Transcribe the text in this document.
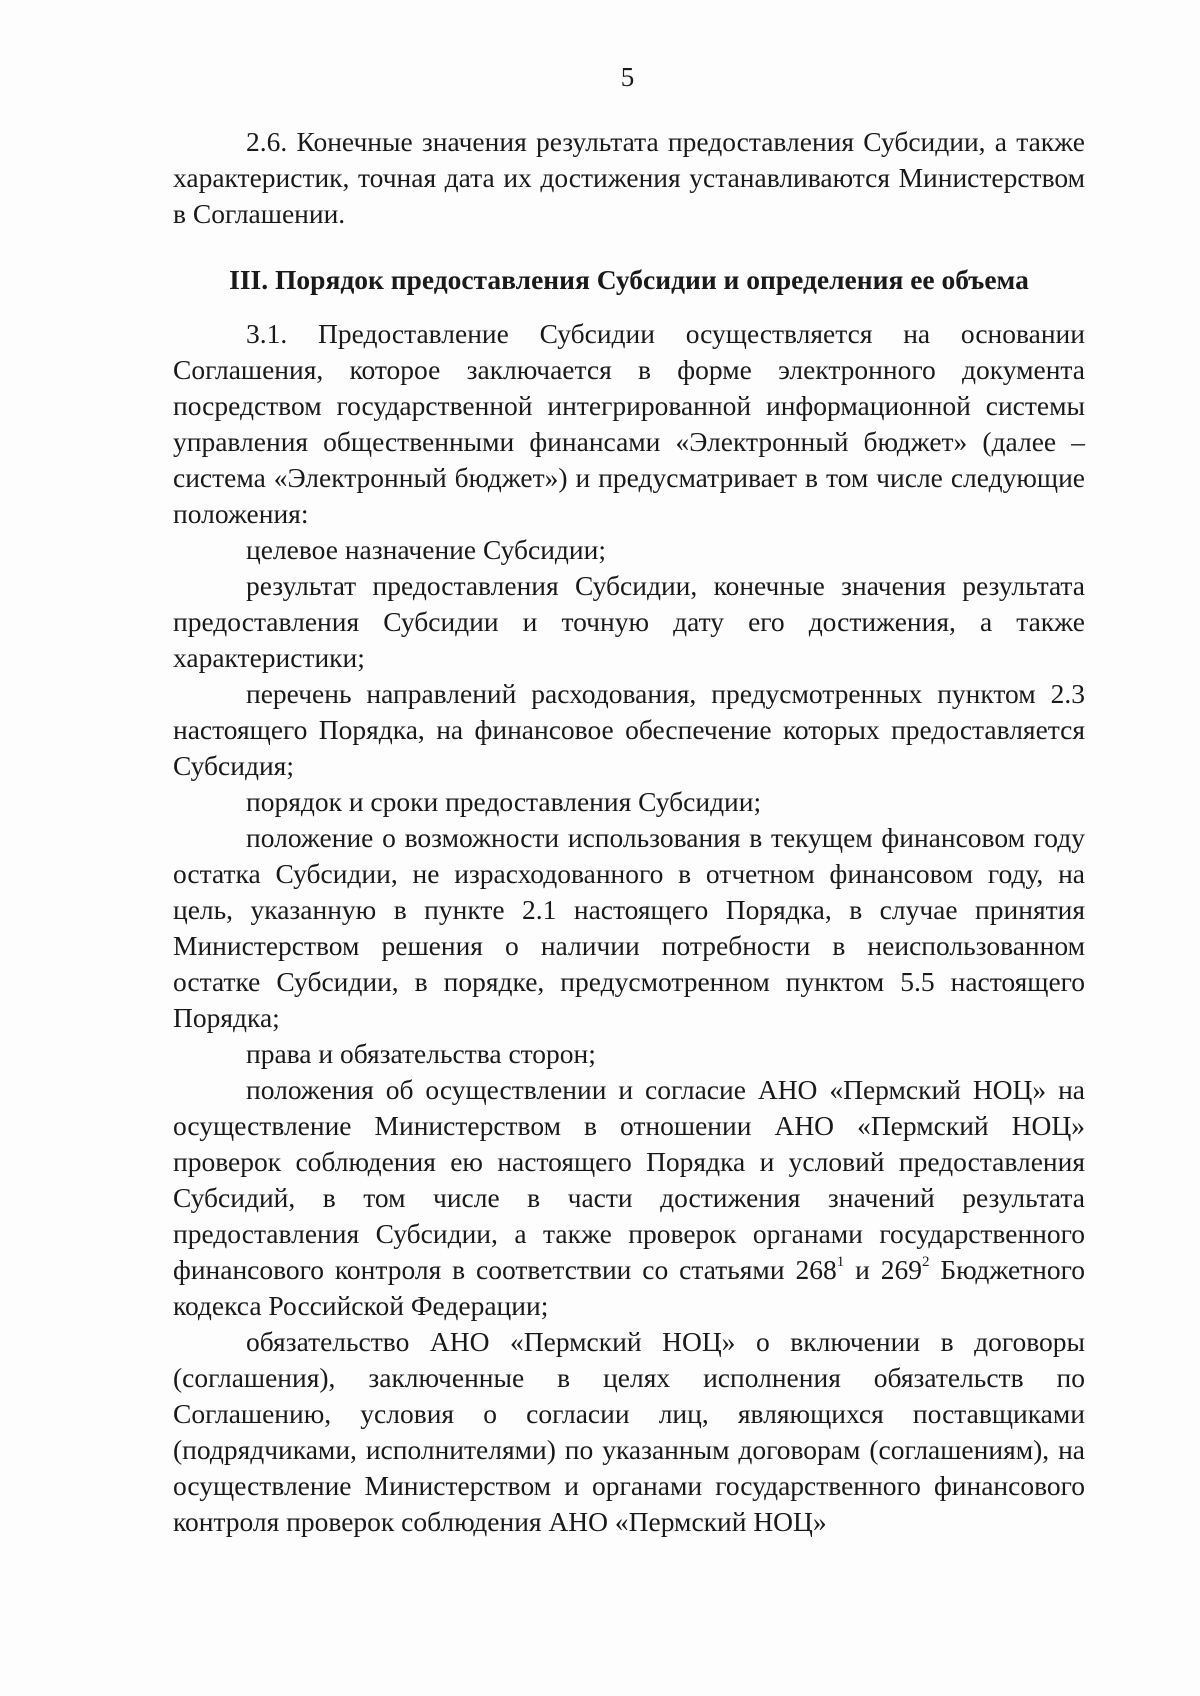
5

2.6. Конечные значения результата предоставления Субсидии, а также характеристик, точная дата их достижения устанавливаются Министерством в Соглашении.

III. Порядок предоставления Субсидии и определения ее объема

3.1. Предоставление Субсидии осуществляется на основании Соглашения, которое заключается в форме электронного документа посредством государственной интегрированной информационной системы управления общественными финансами «Электронный бюджет» (далее – система «Электронный бюджет») и предусматривает в том числе следующие положения:

целевое назначение Субсидии;

результат предоставления Субсидии, конечные значения результата предоставления Субсидии и точную дату его достижения, а также характеристики;

перечень направлений расходования, предусмотренных пунктом 2.3 настоящего Порядка, на финансовое обеспечение которых предоставляется Субсидия;

порядок и сроки предоставления Субсидии;

положение о возможности использования в текущем финансовом году остатка Субсидии, не израсходованного в отчетном финансовом году, на цель, указанную в пункте 2.1 настоящего Порядка, в случае принятия Министерством решения о наличии потребности в неиспользованном остатке Субсидии, в порядке, предусмотренном пунктом 5.5 настоящего Порядка;

права и обязательства сторон;

положения об осуществлении и согласие АНО «Пермский НОЦ» на осуществление Министерством в отношении АНО «Пермский НОЦ» проверок соблюдения ею настоящего Порядка и условий предоставления Субсидий, в том числе в части достижения значений результата предоставления Субсидии, а также проверок органами государственного финансового контроля в соответствии со статьями $268^1$ и $269^2$ Бюджетного кодекса Российской Федерации;

обязательство АНО «Пермский НОЦ» о включении в договоры (соглашения), заключенные в целях исполнения обязательств по Соглашению, условия о согласии лиц, являющихся поставщиками (подрядчиками, исполнителями) по указанным договорам (соглашениям), на осуществление Министерством и органами государственного финансового контроля проверок соблюдения АНО «Пермский НОЦ»
